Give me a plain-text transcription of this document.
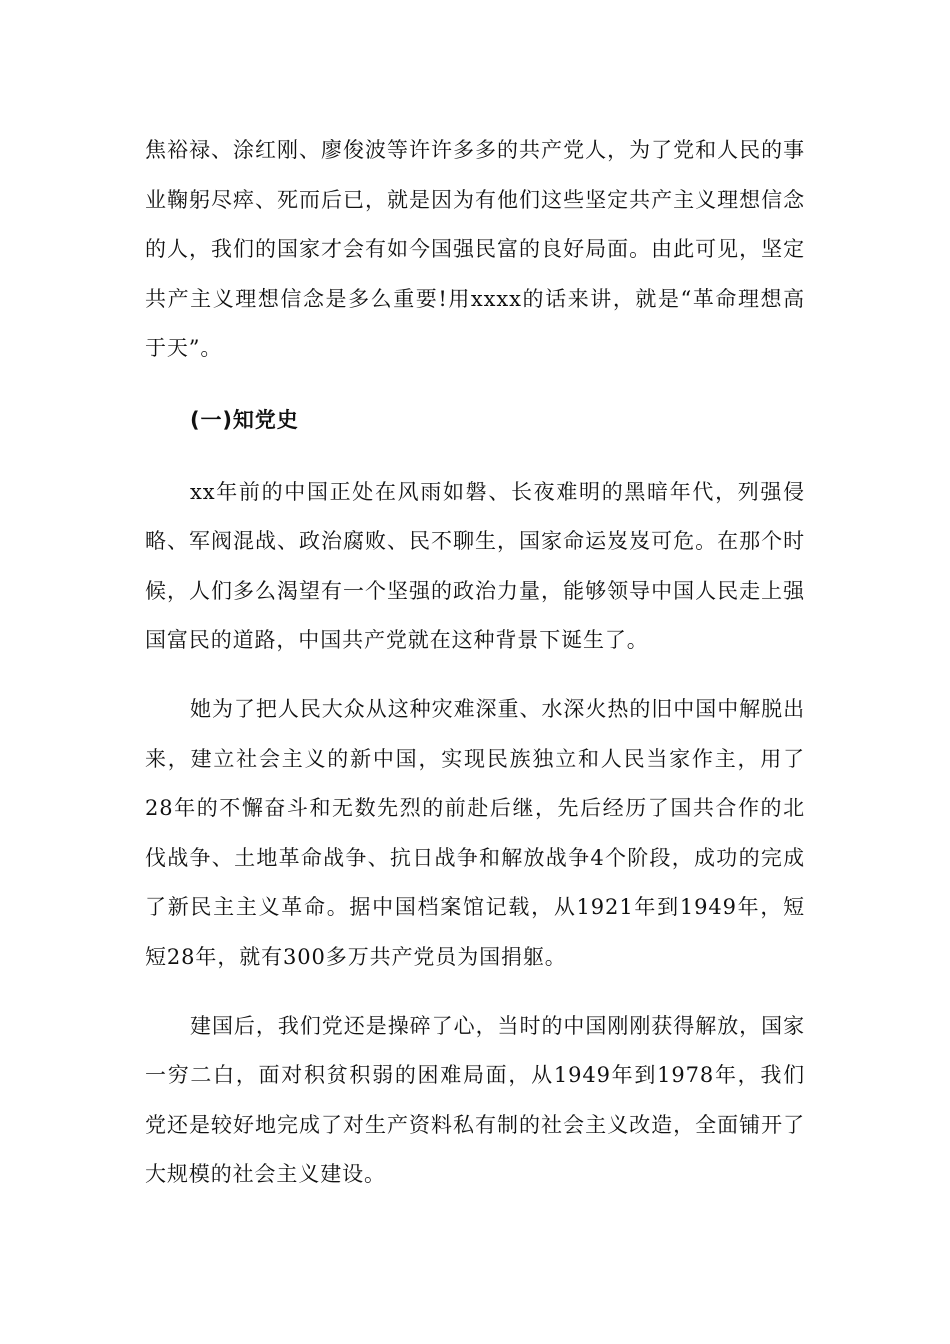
焦裕禄、涂红刚、廖俊波等许许多多的共产党人，为了党和人民的事业鞠躬尽瘁、死而后已，就是因为有他们这些坚定共产主义理想信念的人，我们的国家才会有如今国强民富的良好局面。由此可见，坚定共产主义理想信念是多么重要!用xxxx的话来讲，就是“革命理想高于天”。

(一)知党史

xx年前的中国正处在风雨如磐、长夜难明的黑暗年代，列强侵略、军阀混战、政治腐败、民不聊生，国家命运岌岌可危。在那个时候，人们多么渴望有一个坚强的政治力量，能够领导中国人民走上强国富民的道路，中国共产党就在这种背景下诞生了。

她为了把人民大众从这种灾难深重、水深火热的旧中国中解脱出来，建立社会主义的新中国，实现民族独立和人民当家作主，用了28年的不懈奋斗和无数先烈的前赴后继，先后经历了国共合作的北伐战争、土地革命战争、抗日战争和解放战争4个阶段，成功的完成了新民主主义革命。据中国档案馆记载，从1921年到1949年，短短28年，就有300多万共产党员为国捐躯。

建国后，我们党还是操碎了心，当时的中国刚刚获得解放，国家一穷二白，面对积贫积弱的困难局面，从1949年到1978年，我们党还是较好地完成了对生产资料私有制的社会主义改造，全面铺开了大规模的社会主义建设。
